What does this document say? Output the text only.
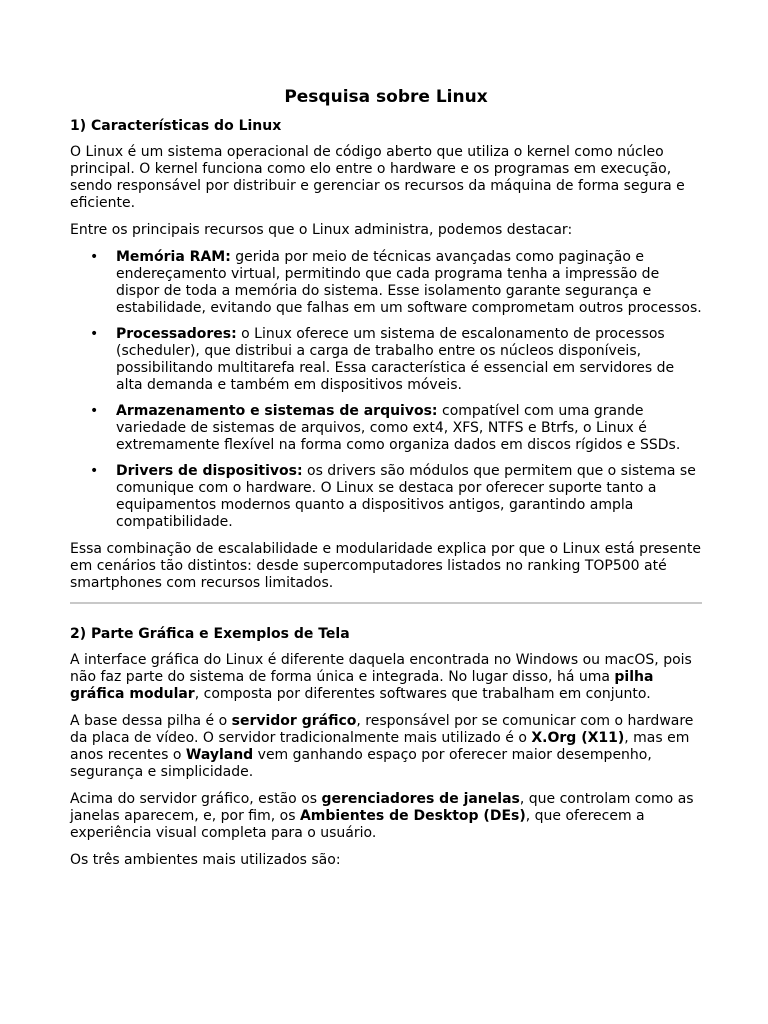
Pesquisa sobre Linux
1) Características do Linux

O Linux é um sistema operacional de código aberto que utiliza o kernel como núcleo principal. O kernel funciona como elo entre o hardware e os programas em execução, sendo responsável por distribuir e gerenciar os recursos da máquina de forma segura e eficiente.

Entre os principais recursos que o Linux administra, podemos destacar:

• Memória RAM: gerida por meio de técnicas avançadas como paginação e endereçamento virtual, permitindo que cada programa tenha a impressão de dispor de toda a memória do sistema. Esse isolamento garante segurança e estabilidade, evitando que falhas em um software comprometam outros processos.
• Processadores: o Linux oferece um sistema de escalonamento de processos (scheduler), que distribui a carga de trabalho entre os núcleos disponíveis, possibilitando multitarefa real. Essa característica é essencial em servidores de alta demanda e também em dispositivos móveis.
• Armazenamento e sistemas de arquivos: compatível com uma grande variedade de sistemas de arquivos, como ext4, XFS, NTFS e Btrfs, o Linux é extremamente flexível na forma como organiza dados em discos rígidos e SSDs.
• Drivers de dispositivos: os drivers são módulos que permitem que o sistema se comunique com o hardware. O Linux se destaca por oferecer suporte tanto a equipamentos modernos quanto a dispositivos antigos, garantindo ampla compatibilidade.

Essa combinação de escalabilidade e modularidade explica por que o Linux está presente em cenários tão distintos: desde supercomputadores listados no ranking TOP500 até smartphones com recursos limitados.

2) Parte Gráfica e Exemplos de Tela

A interface gráfica do Linux é diferente daquela encontrada no Windows ou macOS, pois não faz parte do sistema de forma única e integrada. No lugar disso, há uma pilha gráfica modular, composta por diferentes softwares que trabalham em conjunto.

A base dessa pilha é o servidor gráfico, responsável por se comunicar com o hardware da placa de vídeo. O servidor tradicionalmente mais utilizado é o X.Org (X11), mas em anos recentes o Wayland vem ganhando espaço por oferecer maior desempenho, segurança e simplicidade.

Acima do servidor gráfico, estão os gerenciadores de janelas, que controlam como as janelas aparecem, e, por fim, os Ambientes de Desktop (DEs), que oferecem a experiência visual completa para o usuário.

Os três ambientes mais utilizados são:
